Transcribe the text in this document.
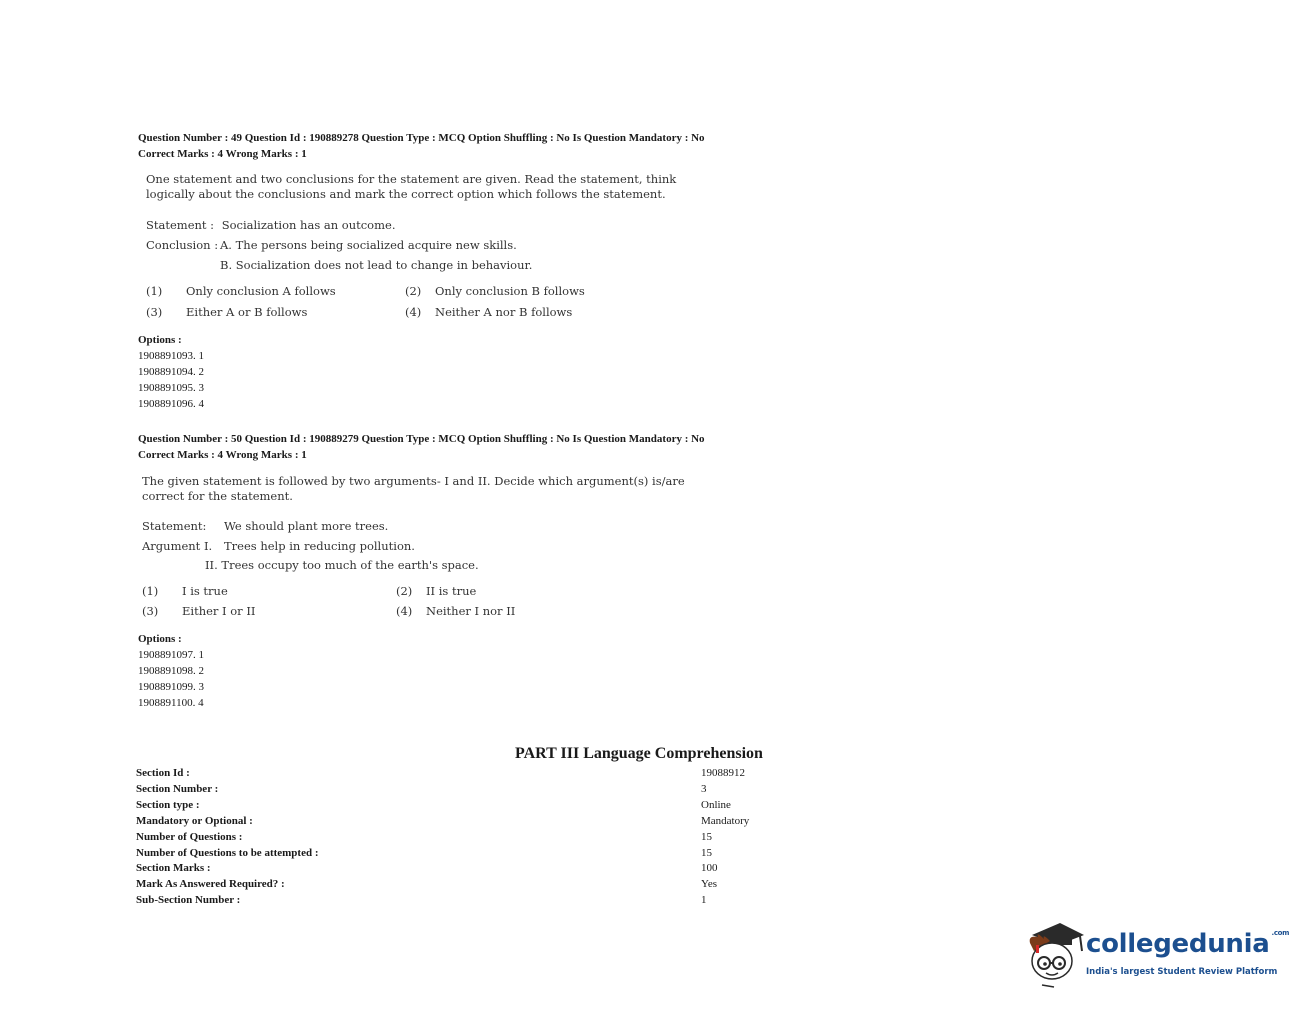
Question Number : 49 Question Id : 190889278 Question Type : MCQ Option Shuffling : No Is Question Mandatory : No
Correct Marks : 4 Wrong Marks : 1
One statement and two conclusions for the statement are given. Read the statement, think
logically about the conclusions and mark the correct option which follows the statement.
Statement : Socialization has an outcome.
Conclusion : A. The persons being socialized acquire new skills.
B. Socialization does not lead to change in behaviour.
(1) Only conclusion A follows	(2) Only conclusion B follows
(3) Either A or B follows	(4) Neither A nor B follows
Options :
1908891093. 1
1908891094. 2
1908891095. 3
1908891096. 4
Question Number : 50 Question Id : 190889279 Question Type : MCQ Option Shuffling : No Is Question Mandatory : No
Correct Marks : 4 Wrong Marks : 1
The given statement is followed by two arguments- I and II. Decide which argument(s) is/are
correct for the statement.
Statement: We should plant more trees.
Argument I. Trees help in reducing pollution.
II. Trees occupy too much of the earth's space.
(1) I is true	(2) II is true
(3) Either I or II	(4) Neither I nor II
Options :
1908891097. 1
1908891098. 2
1908891099. 3
1908891100. 4
PART III Language Comprehension
Section Id :	19088912
Section Number :	3
Section type :	Online
Mandatory or Optional :	Mandatory
Number of Questions :	15
Number of Questions to be attempted :	15
Section Marks :	100
Mark As Answered Required? :	Yes
Sub-Section Number :	1
collegedunia $^{.com}$
India's largest Student Review Platform
